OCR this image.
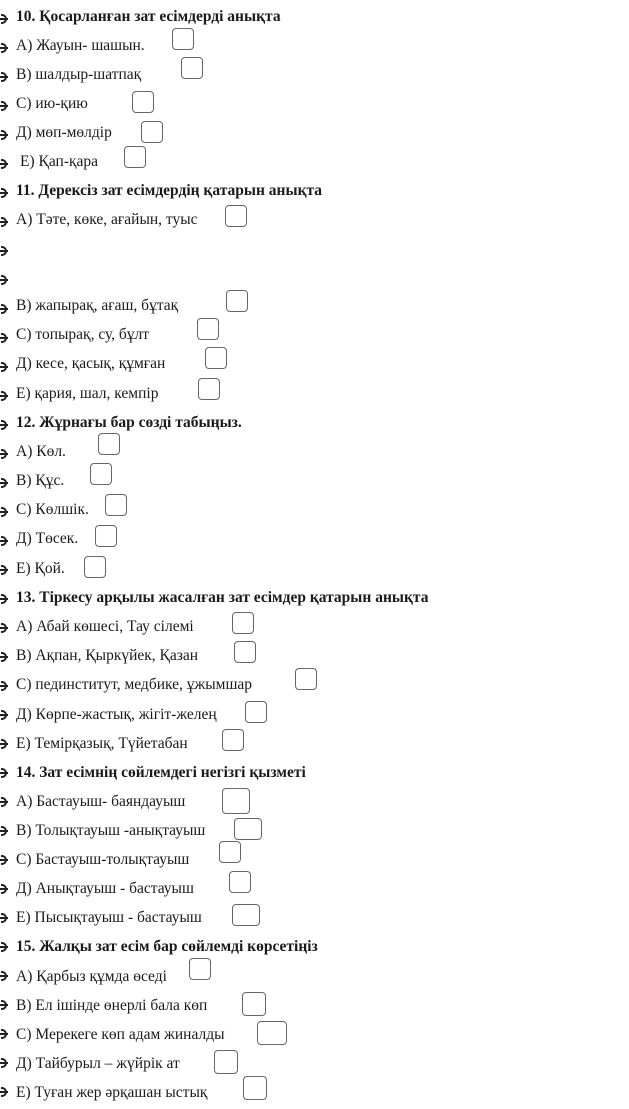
10. Қосарланған зат есімдерді анықта
А) Жауын- шашын.
В) шалдыр-шатпақ
С) ию-қию
Д) мөп-мөлдір
Е) Қап-қара
11. Дерексіз зат есімдердің қатарын анықта
А) Тәте, көке, ағайын, туыс
В) жапырақ, ағаш, бұтақ
С) топырақ, су, бұлт
Д) кесе, қасық, құмған
Е) қария, шал, кемпір
12. Жұрнағы бар сөзді табыңыз.
А) Көл.
В) Құс.
С) Көлшік.
Д) Төсек.
Е) Қой.
13. Тіркесу арқылы жасалған зат есімдер қатарын анықта
А) Абай көшесі, Тау сілемі
В) Ақпан, Қыркүйек, Қазан
С) пединститут, медбике, ұжымшар
Д) Көрпе-жастық, жігіт-желең
Е) Темірқазық, Түйетабан
14. Зат есімнің сөйлемдегі негізгі қызметі
А) Бастауыш- баяндауыш
В) Толықтауыш -анықтауыш
С) Бастауыш-толықтауыш
Д) Анықтауыш - бастауыш
Е) Пысықтауыш - бастауыш
15. Жалқы зат есім бар сөйлемді көрсетіңіз
А) Қарбыз құмда өседі
В) Ел ішінде өнерлі бала көп
С) Мерекеге көп адам жиналды
Д) Тайбурыл – жүйрік ат
Е) Туған жер әрқашан ыстық
